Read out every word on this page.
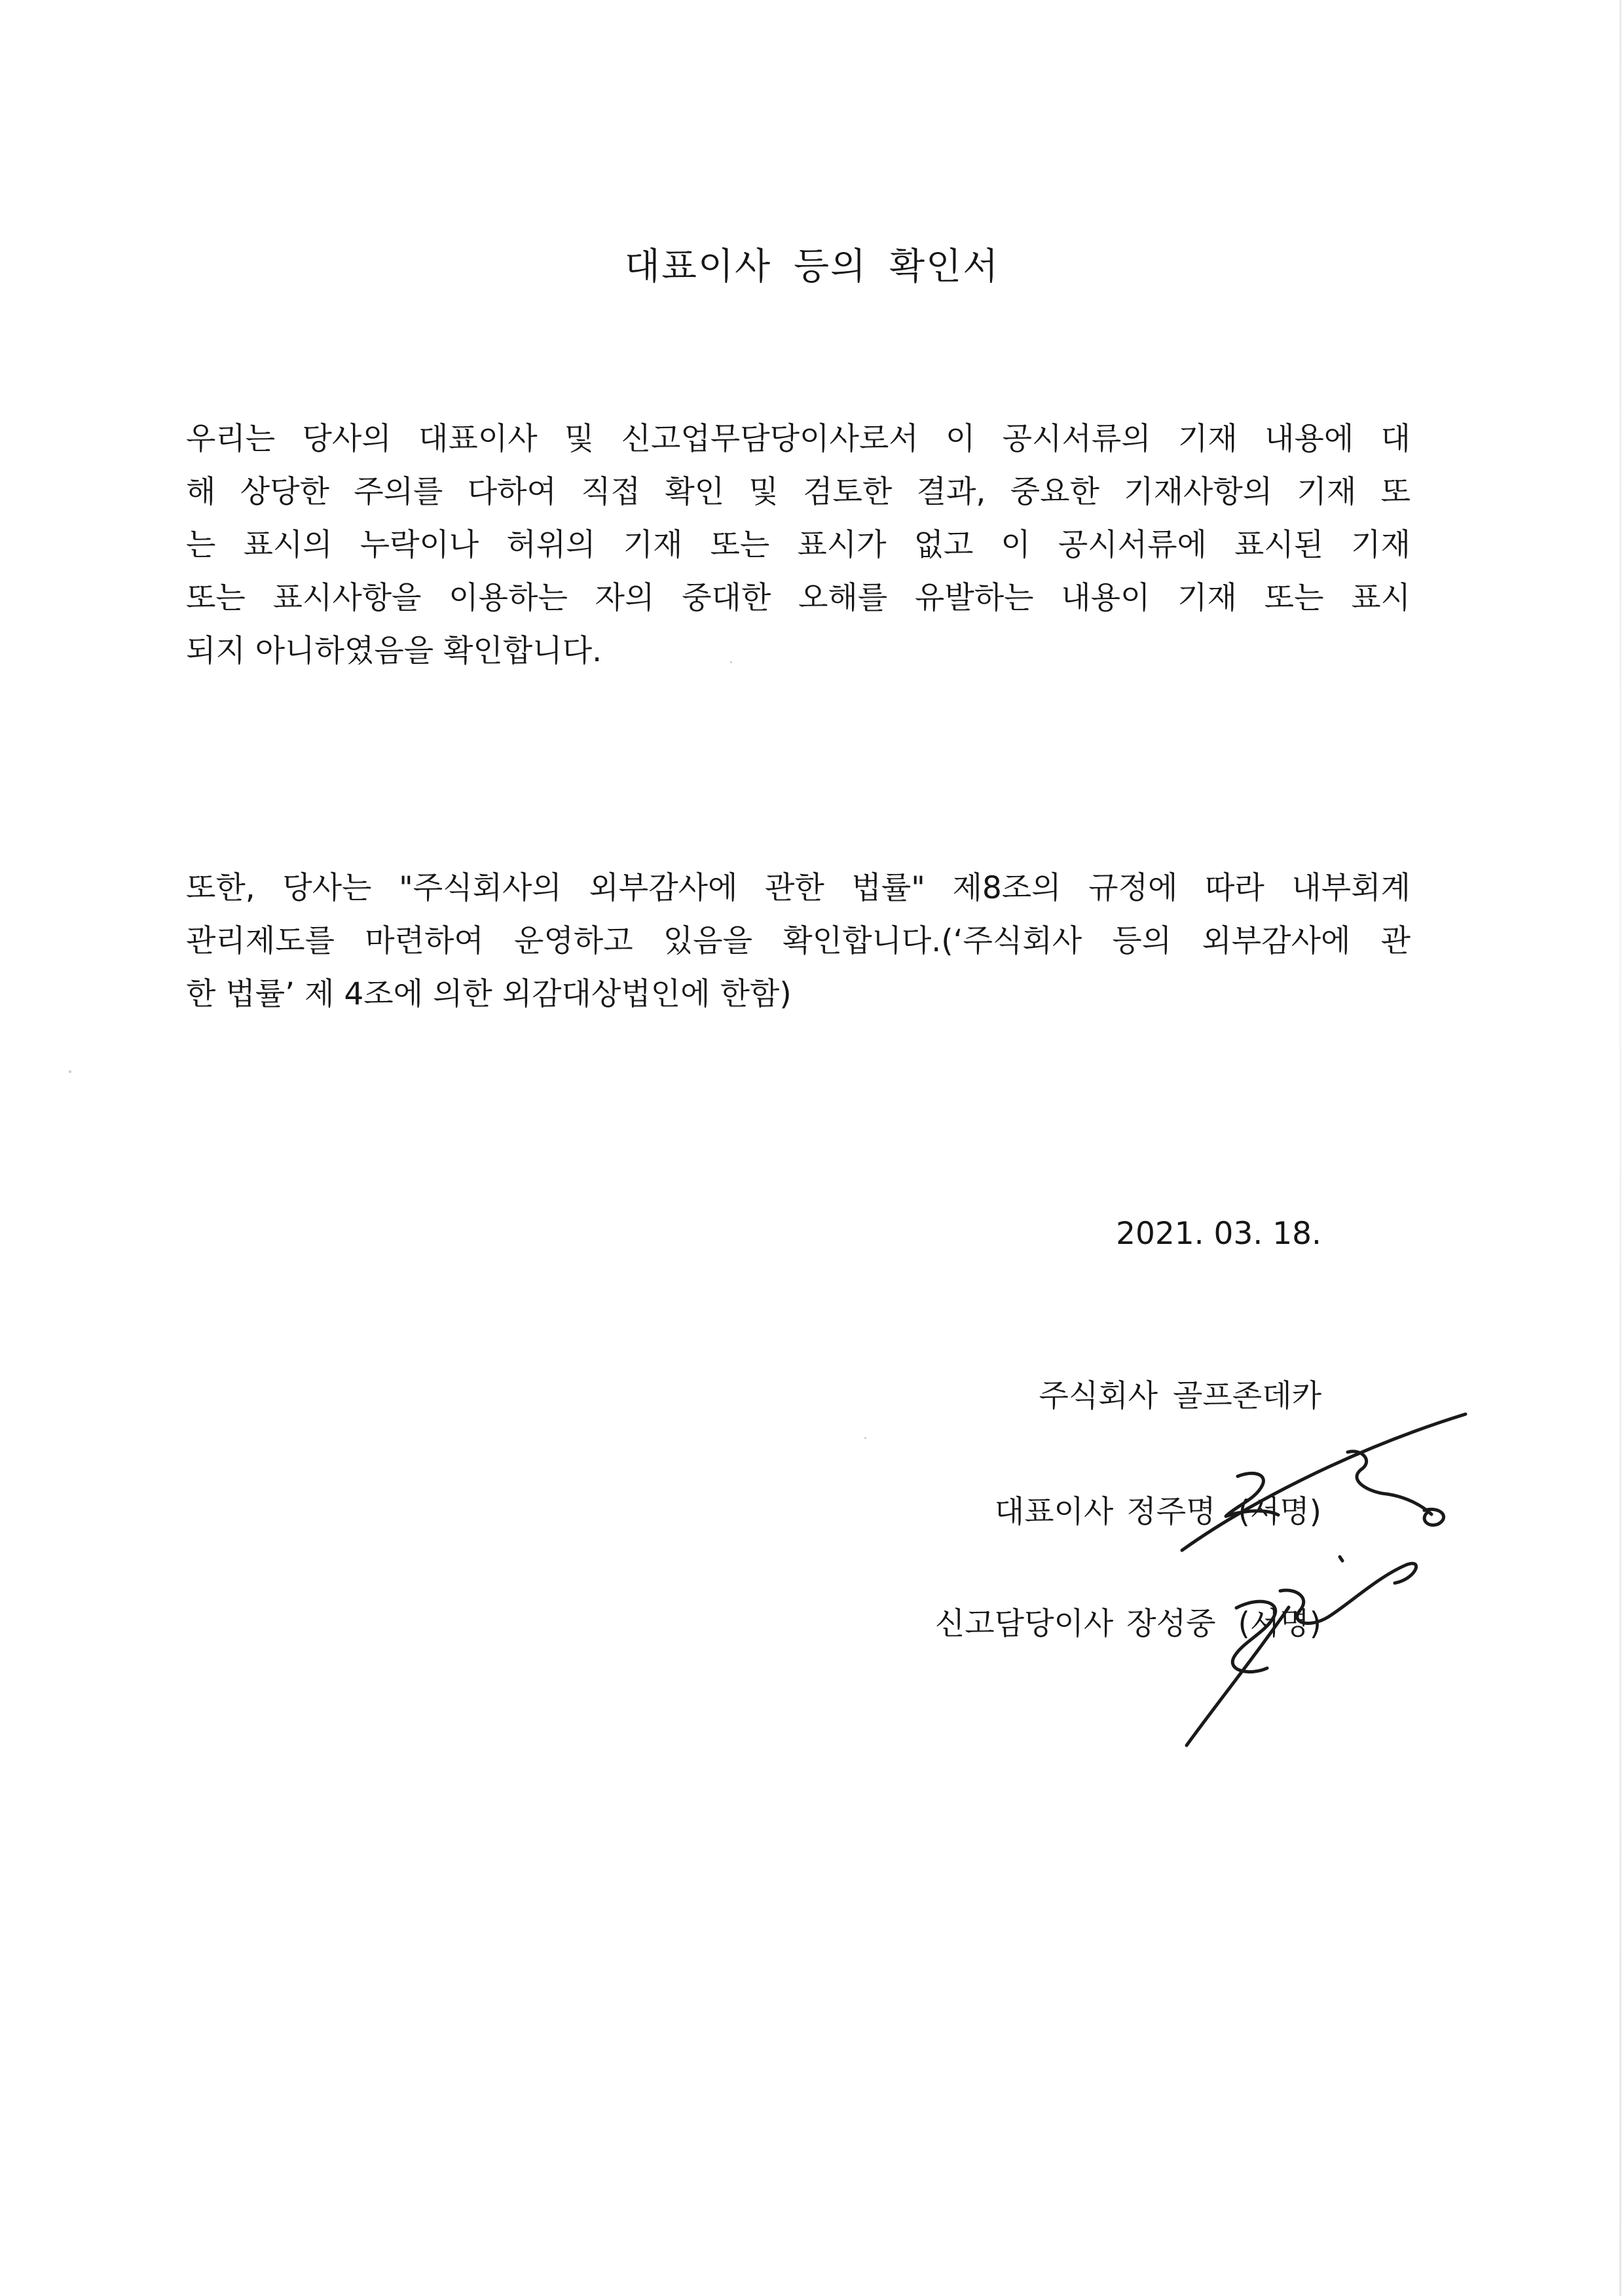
대표이사 등의 확인서
우리는 당사의 대표이사 및 신고업무담당이사로서 이 공시서류의 기재 내용에 대
해 상당한 주의를 다하여 직접 확인 및 검토한 결과, 중요한 기재사항의 기재 또
는 표시의 누락이나 허위의 기재 또는 표시가 없고 이 공시서류에 표시된 기재
또는 표시사항을 이용하는 자의 중대한 오해를 유발하는 내용이 기재 또는 표시
되지 아니하였음을 확인합니다.
또한, 당사는 "주식회사의 외부감사에 관한 법률" 제8조의 규정에 따라 내부회계
관리제도를 마련하여 운영하고 있음을 확인합니다.(‘주식회사 등의 외부감사에 관
한 법률’ 제 4조에 의한 외감대상법인에 한함)
2021. 03. 18.
주식회사 골프존데카
대표이사 정주명 (서명)
신고담당이사 장성중 (서명)
